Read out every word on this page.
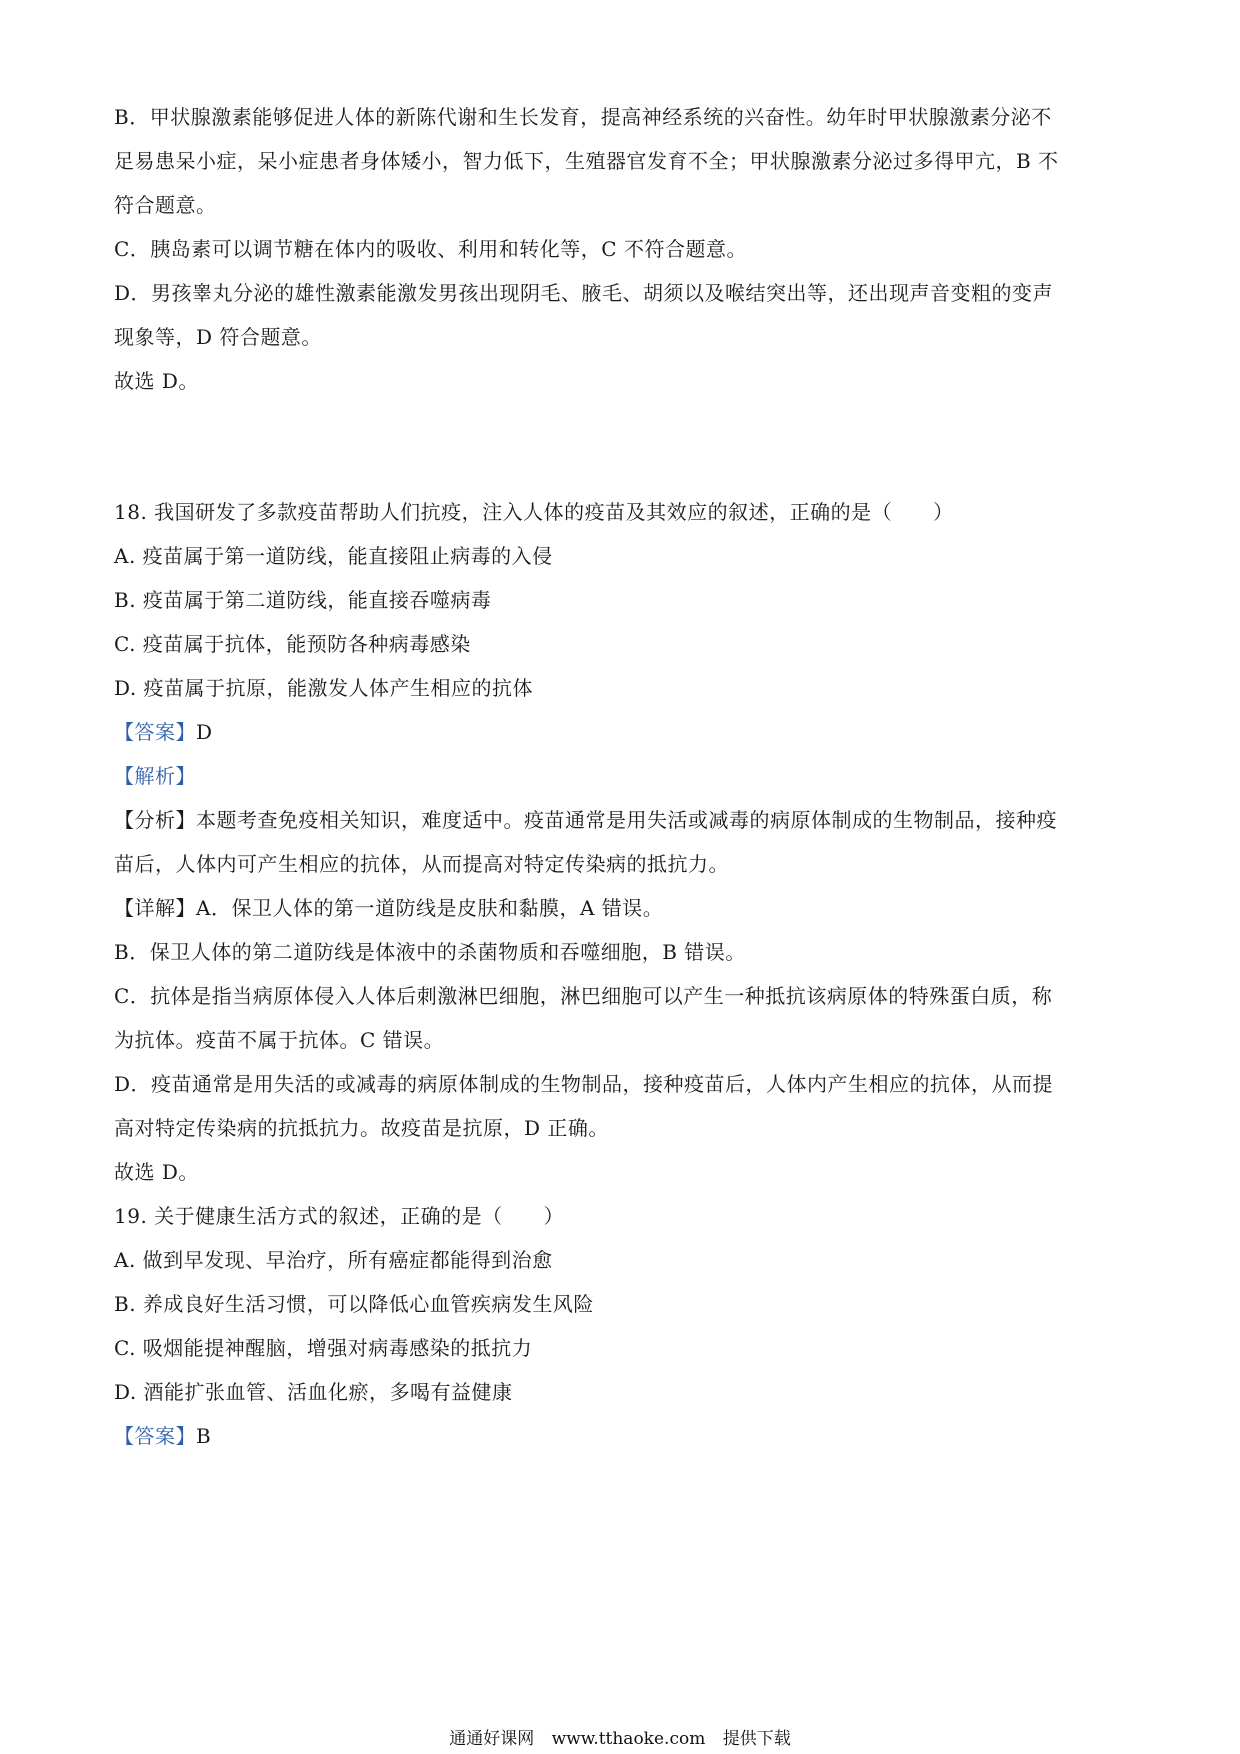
B．甲状腺激素能够促进人体的新陈代谢和生长发育，提高神经系统的兴奋性。幼年时甲状腺激素分泌不
足易患呆小症，呆小症患者身体矮小，智力低下，生殖器官发育不全；甲状腺激素分泌过多得甲亢，B 不
符合题意。
C．胰岛素可以调节糖在体内的吸收、利用和转化等，C 不符合题意。
D．男孩睾丸分泌的雄性激素能激发男孩出现阴毛、腋毛、胡须以及喉结突出等，还出现声音变粗的变声
现象等，D 符合题意。
故选 D。
18. 我国研发了多款疫苗帮助人们抗疫，注入人体的疫苗及其效应的叙述，正确的是（　　）
A. 疫苗属于第一道防线，能直接阻止病毒的入侵
B. 疫苗属于第二道防线，能直接吞噬病毒
C. 疫苗属于抗体，能预防各种病毒感染
D. 疫苗属于抗原，能激发人体产生相应的抗体
【答案】D
【解析】
【分析】本题考查免疫相关知识，难度适中。疫苗通常是用失活或减毒的病原体制成的生物制品，接种疫
苗后，人体内可产生相应的抗体，从而提高对特定传染病的抵抗力。
【详解】A．保卫人体的第一道防线是皮肤和黏膜，A 错误。
B．保卫人体的第二道防线是体液中的杀菌物质和吞噬细胞，B 错误。
C．抗体是指当病原体侵入人体后刺激淋巴细胞，淋巴细胞可以产生一种抵抗该病原体的特殊蛋白质，称
为抗体。疫苗不属于抗体。C 错误。
D．疫苗通常是用失活的或减毒的病原体制成的生物制品，接种疫苗后，人体内产生相应的抗体，从而提
高对特定传染病的抗抵抗力。故疫苗是抗原，D 正确。
故选 D。
19. 关于健康生活方式的叙述，正确的是（　　）
A. 做到早发现、早治疗，所有癌症都能得到治愈
B. 养成良好生活习惯，可以降低心血管疾病发生风险
C. 吸烟能提神醒脑，增强对病毒感染的抵抗力
D. 酒能扩张血管、活血化瘀，多喝有益健康
【答案】B
通通好课网 www.tthaoke.com 提供下载
